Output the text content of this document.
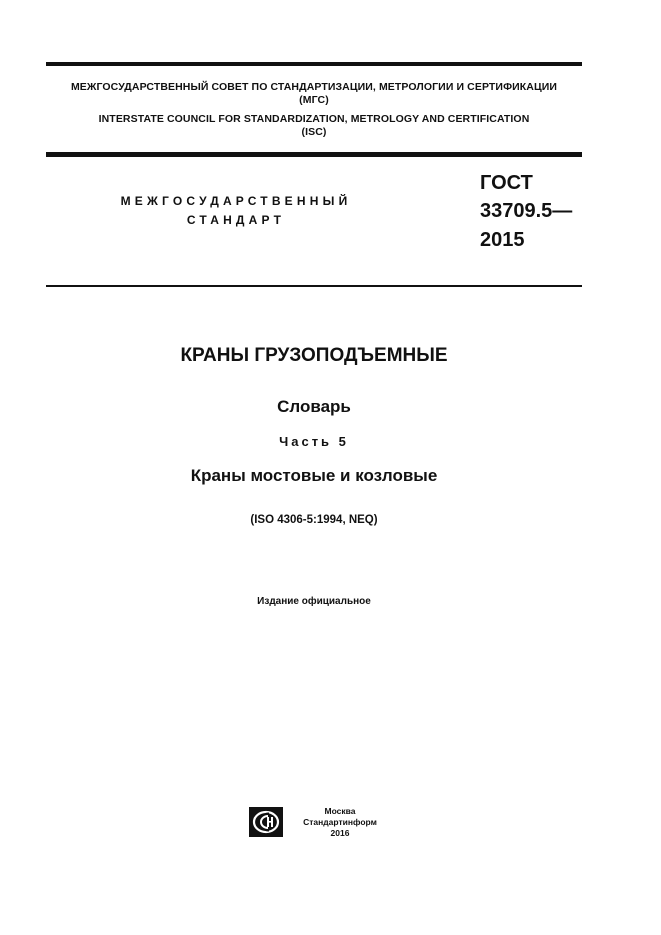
МЕЖГОСУДАРСТВЕННЫЙ СОВЕТ ПО СТАНДАРТИЗАЦИИ, МЕТРОЛОГИИ И СЕРТИФИКАЦИИ
(МГС)
INTERSTATE COUNCIL FOR STANDARDIZATION, METROLOGY AND CERTIFICATION
(ISC)
МЕЖГОСУДАРСТВЕННЫЙ
СТАНДАРТ
ГОСТ
33709.5—
2015
КРАНЫ ГРУЗОПОДЪЕМНЫЕ
Словарь
Часть 5
Краны мостовые и козловые
(ISO 4306-5:1994, NEQ)
Издание официальное
Москва
Стандартинформ
2016
